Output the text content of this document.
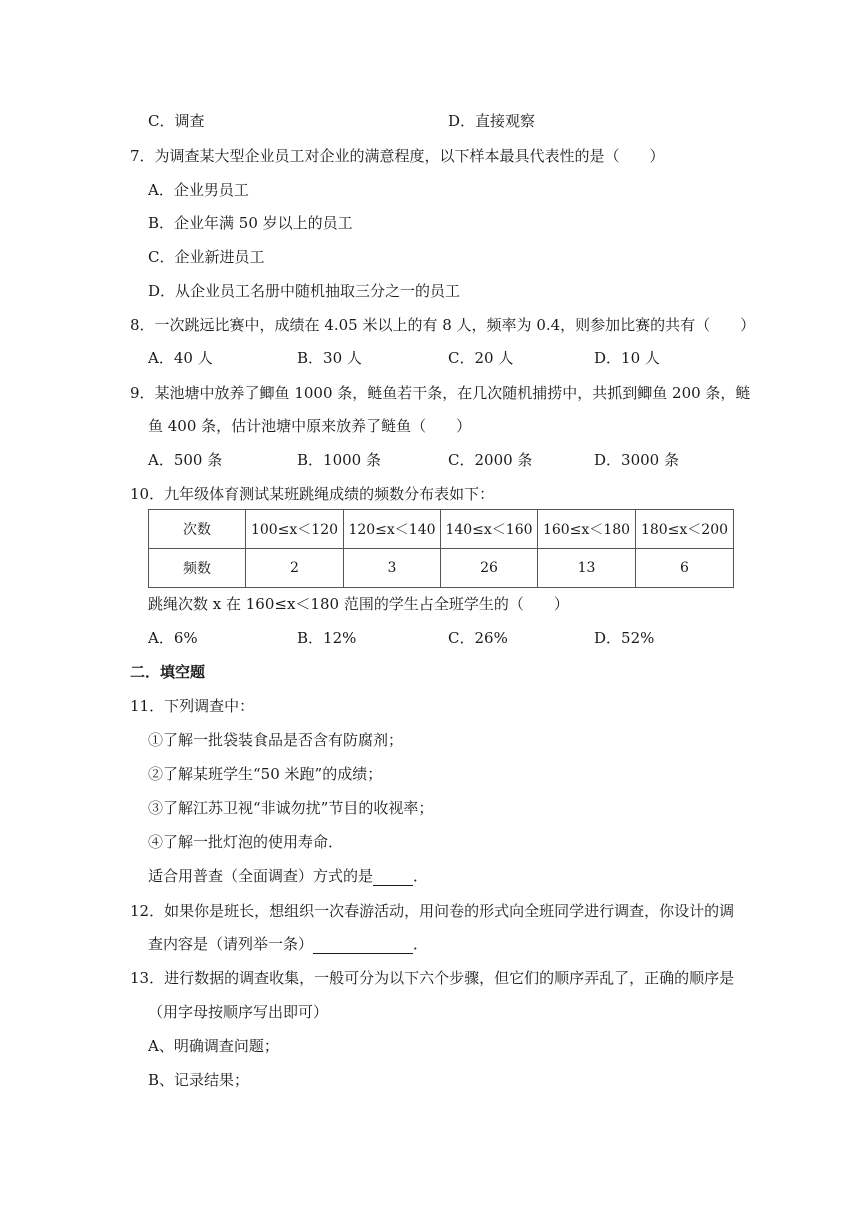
C．调查	D．直接观察
7．为调查某大型企业员工对企业的满意程度，以下样本最具代表性的是（　　）
A．企业男员工
B．企业年满 50 岁以上的员工
C．企业新进员工
D．从企业员工名册中随机抽取三分之一的员工
8．一次跳远比赛中，成绩在 4.05 米以上的有 8 人，频率为 0.4，则参加比赛的共有（　　）
A．40 人	B．30 人	C．20 人	D．10 人
9．某池塘中放养了鲫鱼 1000 条，鲢鱼若干条，在几次随机捕捞中，共抓到鲫鱼 200 条，鲢
鱼 400 条，估计池塘中原来放养了鲢鱼（　　）
A．500 条	B．1000 条	C．2000 条	D．3000 条
10．九年级体育测试某班跳绳成绩的频数分布表如下：
次数	100≤x＜120	120≤x＜140	140≤x＜160	160≤x＜180	180≤x＜200
频数	2	3	26	13	6
跳绳次数 x 在 160≤x＜180 范围的学生占全班学生的（　　）
A．6%	B．12%	C．26%	D．52%
二．填空题
11．下列调查中：
①了解一批袋装食品是否含有防腐剂；
②了解某班学生“50 米跑”的成绩；
③了解江苏卫视“非诚勿扰”节目的收视率；
④了解一批灯泡的使用寿命．
适合用普查（全面调查）方式的是	．
12．如果你是班长，想组织一次春游活动，用问卷的形式向全班同学进行调查，你设计的调
查内容是（请列举一条）	．
13．进行数据的调查收集，一般可分为以下六个步骤，但它们的顺序弄乱了，正确的顺序是
（用字母按顺序写出即可）
A、明确调查问题；
B、记录结果；
